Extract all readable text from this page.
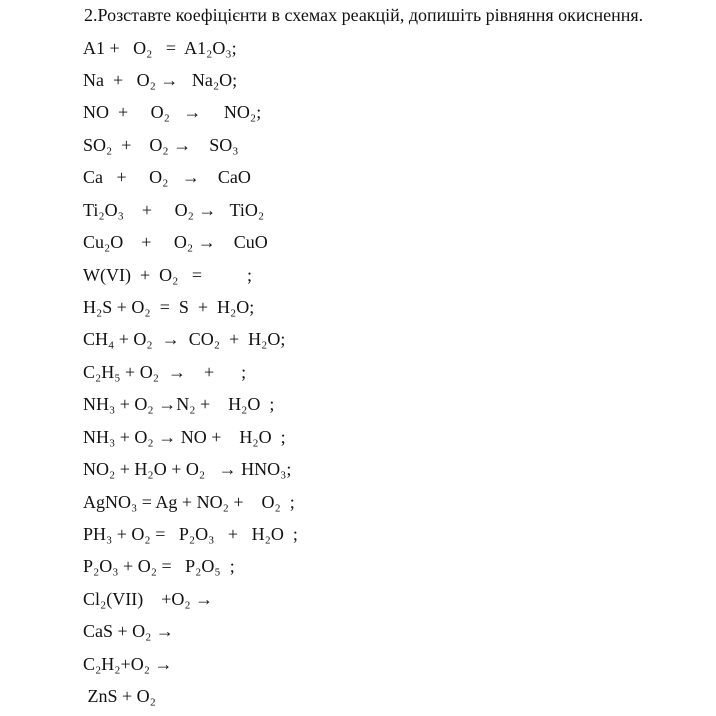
2.Розставте коефіцієнти в схемах реакцій, допишіть рівняння окиснення.
A1 +   O₂   =  A1₂O₃;
Na  +   O₂ →   Na₂O;
NO  +     O₂   →     NO₂;
SO₂  +    O₂ →    SO₃
Ca   +     O₂   →    CaO
Ti₂O₃    +     O₂ →   TiO₂
Cu₂O    +     O₂ →    CuO
W(VI)  +  O₂   =          ;
H₂S + O₂  =  S  +  H₂O;
CH₄ + O₂  →  CO₂  +  H₂O;
C₂H₅ + O₂  →    +      ;
NH₃ + O₂ →N₂ +    H₂O  ;
NH₃ + O₂ → NO +    H₂O  ;
NO₂ + H₂O + O₂   → HNO₃;
AgNO₃ = Ag + NO₂ +    O₂  ;
PH₃ + O₂ =   P₂O₃   +   H₂O  ;
P₂O₃ + O₂ =   P₂O₅  ;
Cl₂(VII)    +O₂ →
CaS + O₂ →
C₂H₂+O₂ →
ZnS + O₂
